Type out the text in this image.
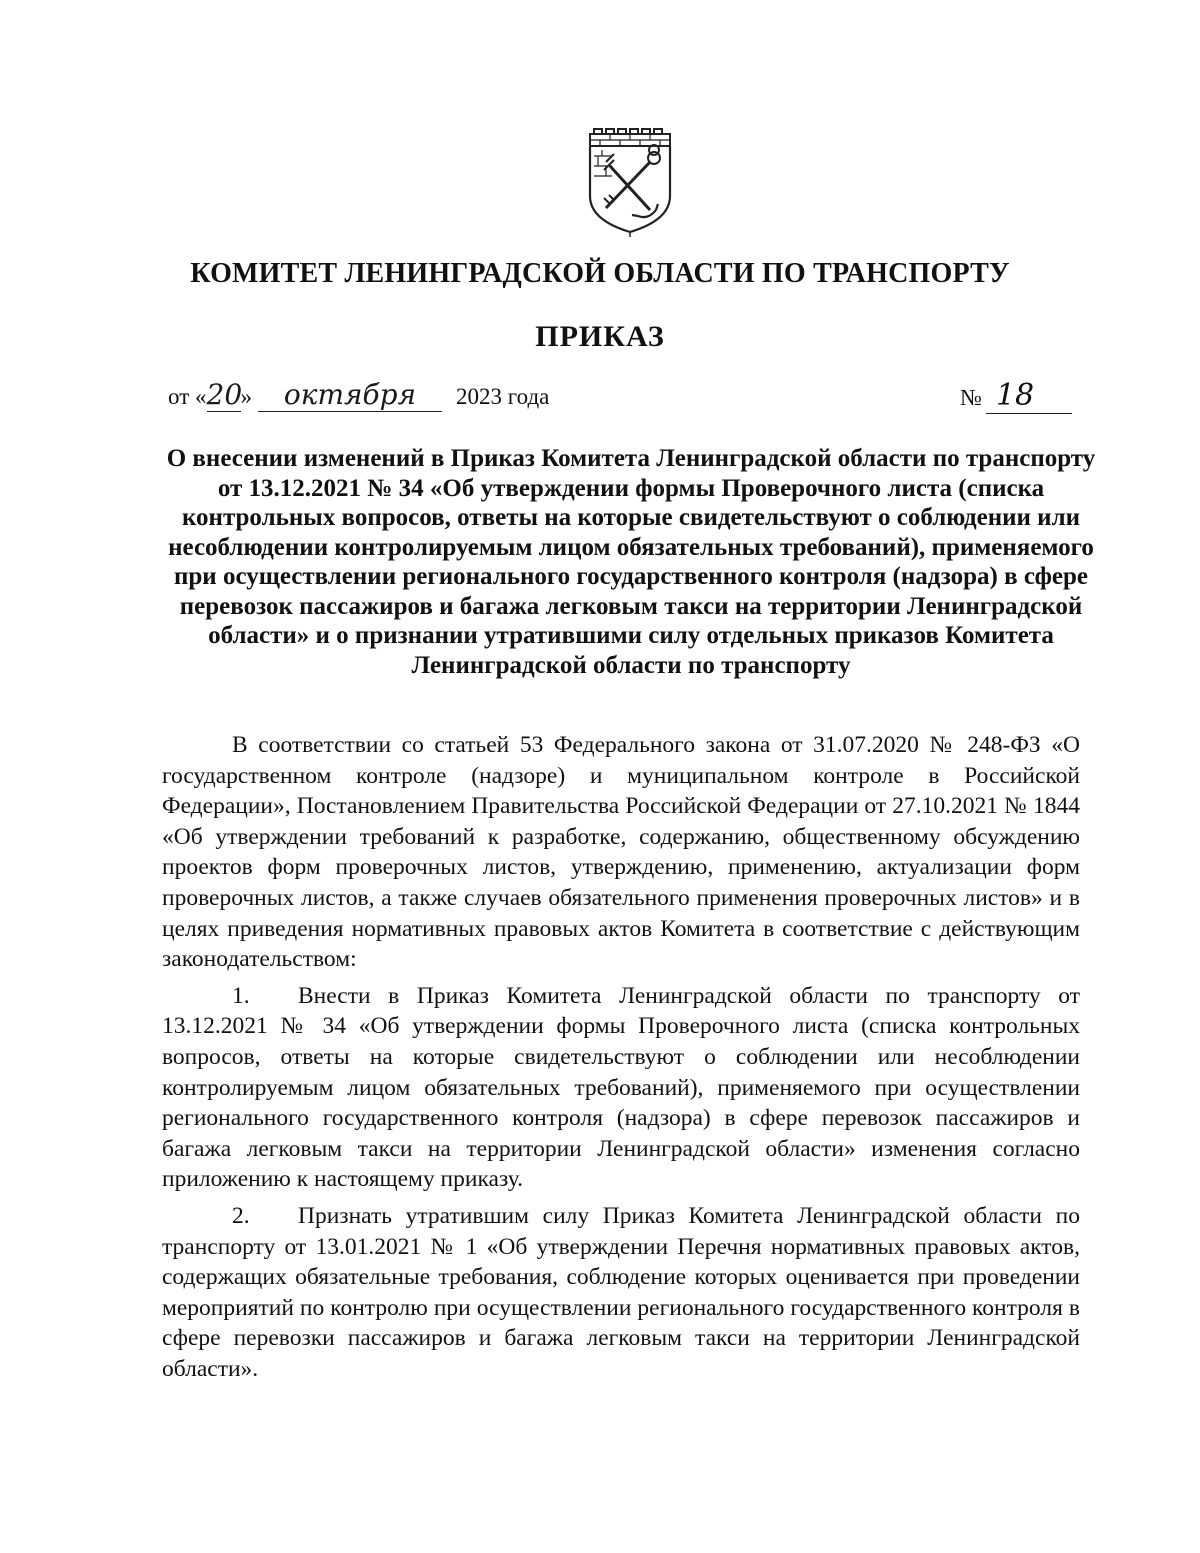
КОМИТЕТ ЛЕНИНГРАДСКОЙ ОБЛАСТИ ПО ТРАНСПОРТУ
ПРИКАЗ
от « 20
»	октября	2023 года	№ 18
О внесении изменений в Приказ Комитета Ленинградской области по транспорту от 13.12.2021 № 34 «Об утверждении формы Проверочного листа (списка контрольных вопросов, ответы на которые свидетельствуют о соблюдении или несоблюдении контролируемым лицом обязательных требований), применяемого при осуществлении регионального государственного контроля (надзора) в сфере перевозок пассажиров и багажа легковым такси на территории Ленинградской области» и о признании утратившими силу отдельных приказов Комитета Ленинградской области по транспорту

В соответствии со статьей 53 Федерального закона от 31.07.2020 № 248-ФЗ «О государственном контроле (надзоре) и муниципальном контроле в Российской Федерации», Постановлением Правительства Российской Федерации от 27.10.2021 № 1844 «Об утверждении требований к разработке, содержанию, общественному обсуждению проектов форм проверочных листов, утверждению, применению, актуализации форм проверочных листов, а также случаев обязательного применения проверочных листов» и в целях приведения нормативных правовых актов Комитета в соответствие с действующим законодательством:

1. Внести в Приказ Комитета Ленинградской области по транспорту от 13.12.2021 № 34 «Об утверждении формы Проверочного листа (списка контрольных вопросов, ответы на которые свидетельствуют о соблюдении или несоблюдении контролируемым лицом обязательных требований), применяемого при осуществлении регионального государственного контроля (надзора) в сфере перевозок пассажиров и багажа легковым такси на территории Ленинградской области» изменения согласно приложению к настоящему приказу.

2. Признать утратившим силу Приказ Комитета Ленинградской области по транспорту от 13.01.2021 № 1 «Об утверждении Перечня нормативных правовых актов, содержащих обязательные требования, соблюдение которых оценивается при проведении мероприятий по контролю при осуществлении регионального государственного контроля в сфере перевозки пассажиров и багажа легковым такси на территории Ленинградской области».
